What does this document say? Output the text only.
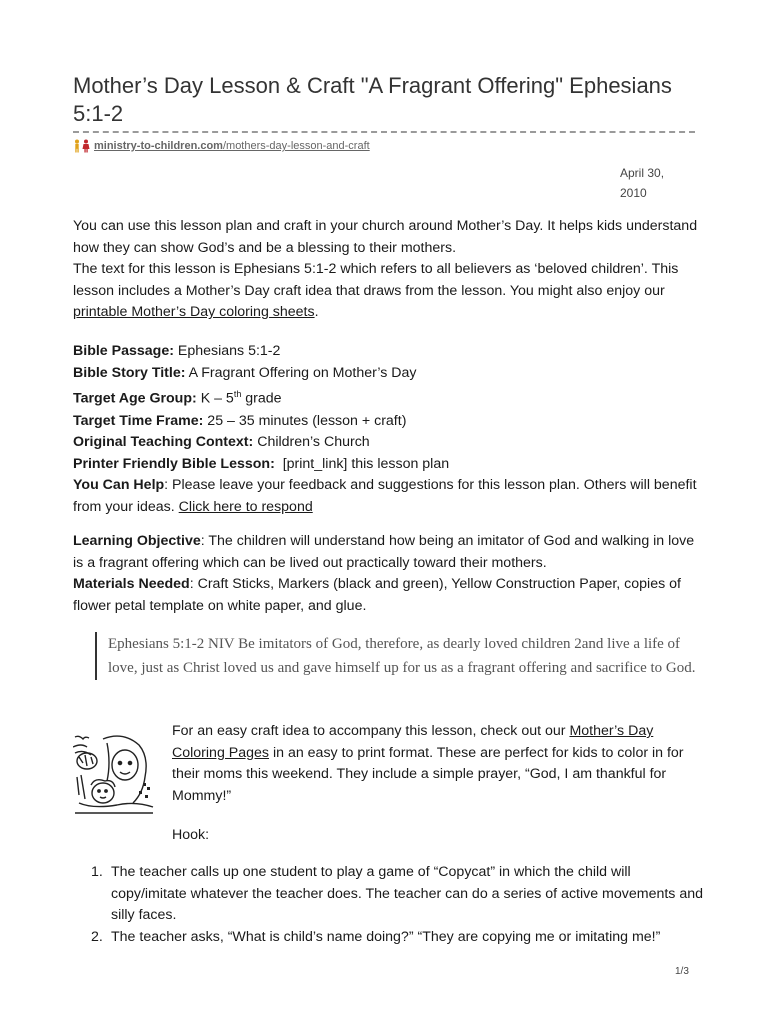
Mother’s Day Lesson & Craft "A Fragrant Offering" Ephesians 5:1-2
ministry-to-children.com/mothers-day-lesson-and-craft
April 30,
2010

You can use this lesson plan and craft in your church around Mother’s Day. It helps kids understand how they can show God’s and be a blessing to their mothers.

The text for this lesson is Ephesians 5:1-2 which refers to all believers as ‘beloved children’. This lesson includes a Mother’s Day craft idea that draws from the lesson. You might also enjoy our printable Mother’s Day coloring sheets.

Bible Passage: Ephesians 5:1-2
Bible Story Title: A Fragrant Offering on Mother’s Day
Target Age Group: K – 5th grade
Target Time Frame: 25 – 35 minutes (lesson + craft)
Original Teaching Context: Children’s Church
Printer Friendly Bible Lesson:  [print_link] this lesson plan
You Can Help: Please leave your feedback and suggestions for this lesson plan. Others will benefit from your ideas. Click here to respond

Learning Objective: The children will understand how being an imitator of God and walking in love is a fragrant offering which can be lived out practically toward their mothers.

Materials Needed: Craft Sticks, Markers (black and green), Yellow Construction Paper, copies of flower petal template on white paper, and glue.

Ephesians 5:1-2 NIV Be imitators of God, therefore, as dearly loved children 2and live a life of love, just as Christ loved us and gave himself up for us as a fragrant offering and sacrifice to God.

For an easy craft idea to accompany this lesson, check out our Mother’s Day Coloring Pages in an easy to print format. These are perfect for kids to color in for their moms this weekend. They include a simple prayer, “God, I am thankful for Mommy!”

Hook:
1. The teacher calls up one student to play a game of “Copycat” in which the child will copy/imitate whatever the teacher does. The teacher can do a series of active movements and silly faces.
2. The teacher asks, “What is child’s name doing?” “They are copying me or imitating me!”
1/3
